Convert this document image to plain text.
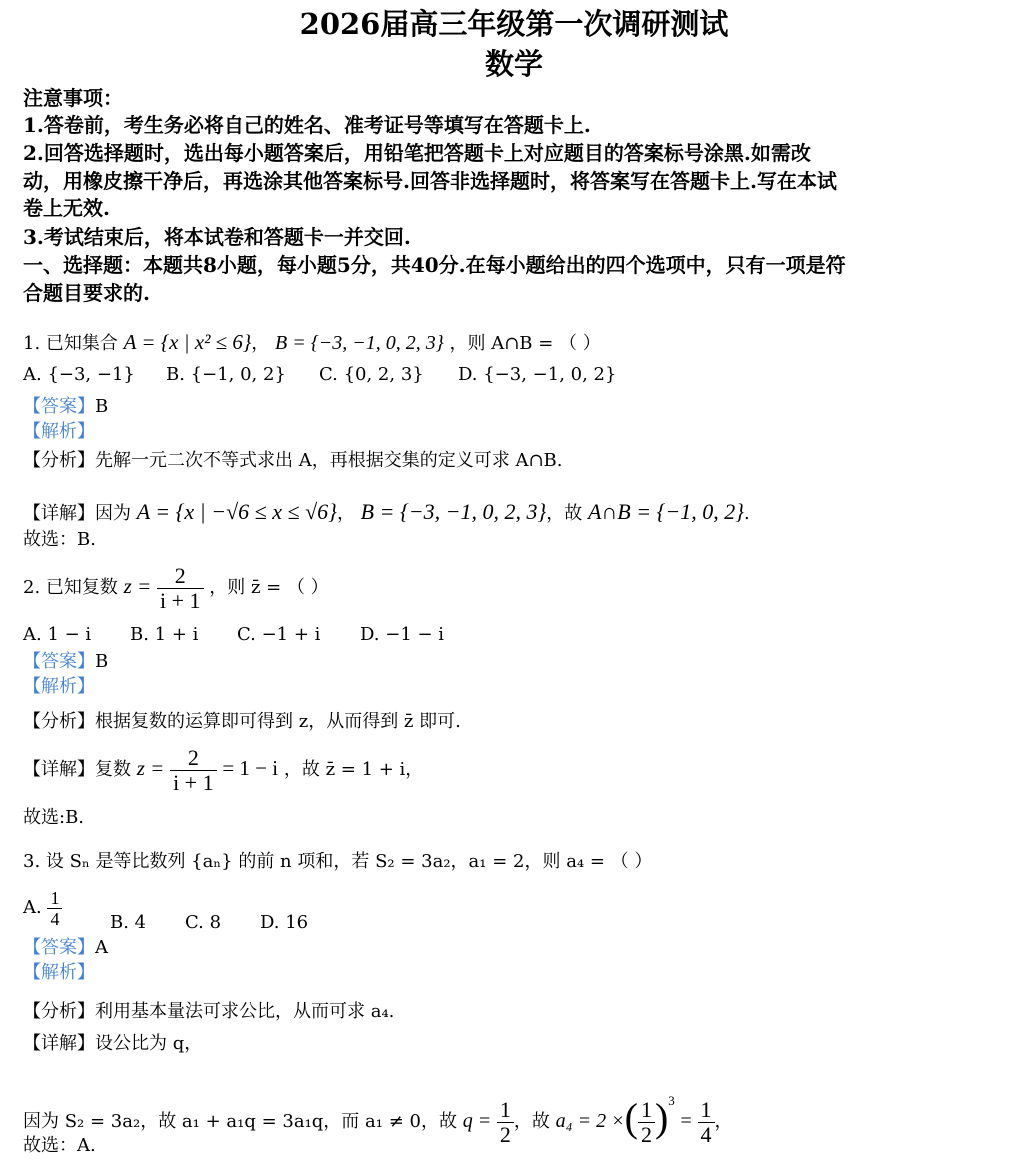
2026届高三年级第一次调研测试
数学
注意事项：
1.答卷前，考生务必将自己的姓名、准考证号等填写在答题卡上.
2.回答选择题时，选出每小题答案后，用铅笔把答题卡上对应题目的答案标号涂黑.如需改
动，用橡皮擦干净后，再选涂其他答案标号.回答非选择题时，将答案写在答题卡上.写在本试
卷上无效.
3.考试结束后，将本试卷和答题卡一并交回.
一、选择题：本题共8小题，每小题5分，共40分.在每小题给出的四个选项中，只有一项是符
合题目要求的.
1. 已知集合 A = {x | x² ≤ 6}， B = {−3, −1, 0, 2, 3} ，则 A∩B = （ ）
A. {−3, −1} B. {−1, 0, 2} C. {0, 2, 3} D. {−3, −1, 0, 2}
【答案】B
【解析】
【分析】先解一元二次不等式求出 A，再根据交集的定义可求 A∩B.
【详解】因为 A = {x | −√6 ≤ x ≤ √6}， B = {−3, −1, 0, 2, 3}，故 A∩B = {−1, 0, 2}.
故选：B.
2. 已知复数 $z = \frac{2}{i + 1}$ ，则 z̄ = （ ）
A. 1 − i B. 1 + i C. −1 + i D. −1 − i
【答案】B
【解析】
【分析】根据复数的运算即可得到 z，从而得到 z̄ 即可.
【详解】复数 $z = \frac{2}{i + 1} = 1 - i$ ，故 z̄ = 1 + i，
故选:B.
3. 设 Sₙ 是等比数列 {aₙ} 的前 n 项和，若 S₂ = 3a₂，a₁ = 2，则 a₄ = （ ）
A. $\frac{1}{4}$	B. 4 C. 8 D. 16
【答案】A
【解析】
【分析】利用基本量法可求公比，从而可求 a₄.
【详解】设公比为 q，
因为 S₂ = 3a₂，故 a₁ + a₁q = 3a₁q，而 a₁ ≠ 0，故 $q = \frac{1}{2}$ ，故 a₄ = 2 ×( $\frac{1}{2} )^3 = \frac{1}{4}$ ，
故选：A.
